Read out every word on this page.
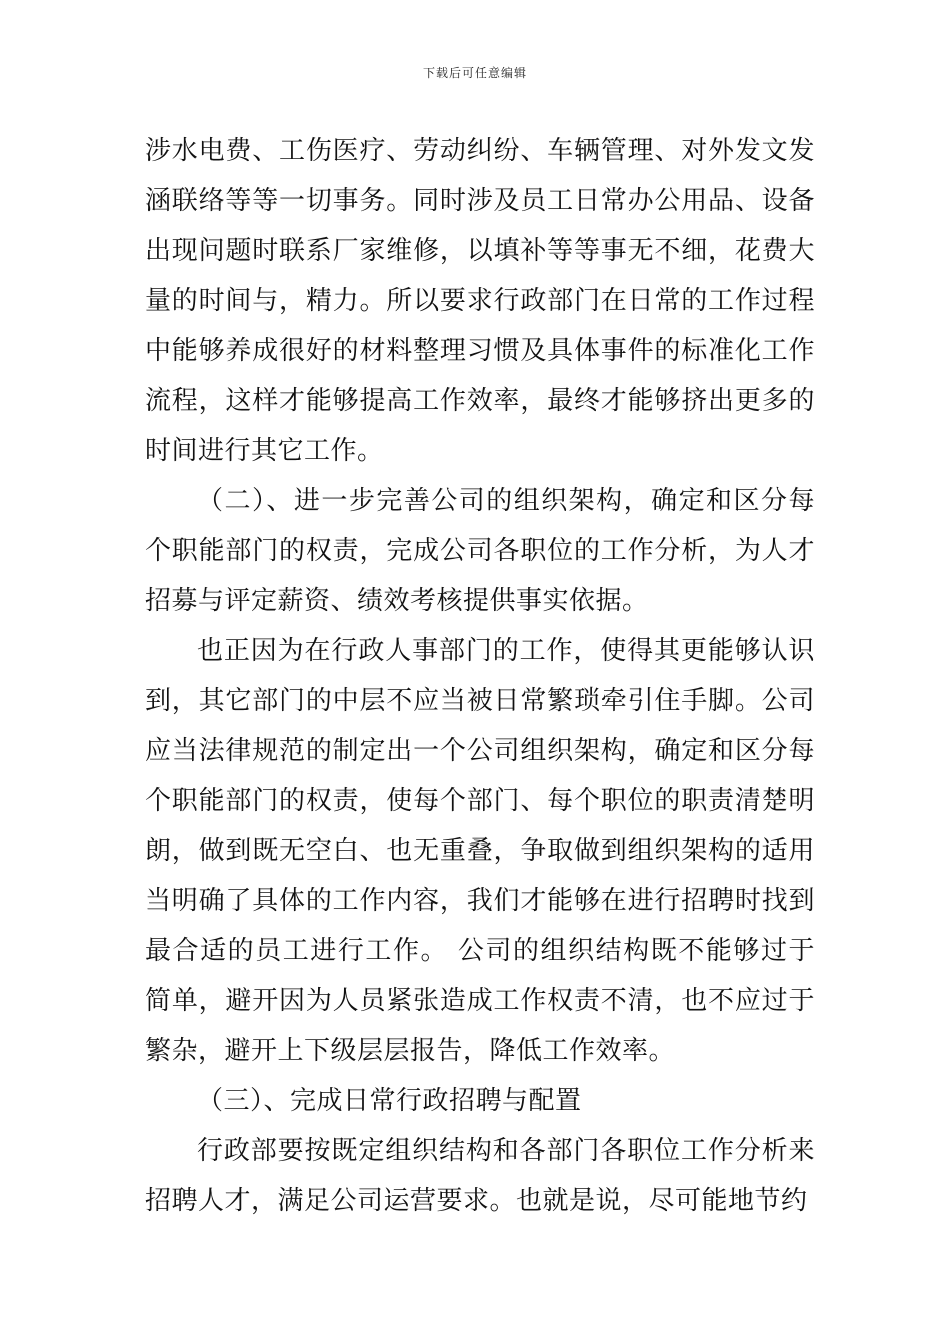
下载后可任意编辑

涉水电费、工伤医疗、劳动纠纷、车辆管理、对外发文发涵联络等等一切事务。同时涉及员工日常办公用品、设备出现问题时联系厂家维修，以填补等等事无不细，花费大量的时间与，精力。所以要求行政部门在日常的工作过程中能够养成很好的材料整理习惯及具体事件的标准化工作流程，这样才能够提高工作效率，最终才能够挤出更多的时间进行其它工作。

（二）、进一步完善公司的组织架构，确定和区分每个职能部门的权责，完成公司各职位的工作分析，为人才招募与评定薪资、绩效考核提供事实依据。

也正因为在行政人事部门的工作，使得其更能够认识到，其它部门的中层不应当被日常繁琐牵引住手脚。公司应当法律规范的制定出一个公司组织架构，确定和区分每个职能部门的权责，使每个部门、每个职位的职责清楚明朗，做到既无空白、也无重叠，争取做到组织架构的适用当明确了具体的工作内容，我们才能够在进行招聘时找到最合适的员工进行工作。 公司的组织结构既不能够过于简单，避开因为人员紧张造成工作权责不清，也不应过于繁杂，避开上下级层层报告，降低工作效率。

（三）、完成日常行政招聘与配置

行政部要按既定组织结构和各部门各职位工作分析来招聘人才，满足公司运营要求。也就是说，尽可能地节约
